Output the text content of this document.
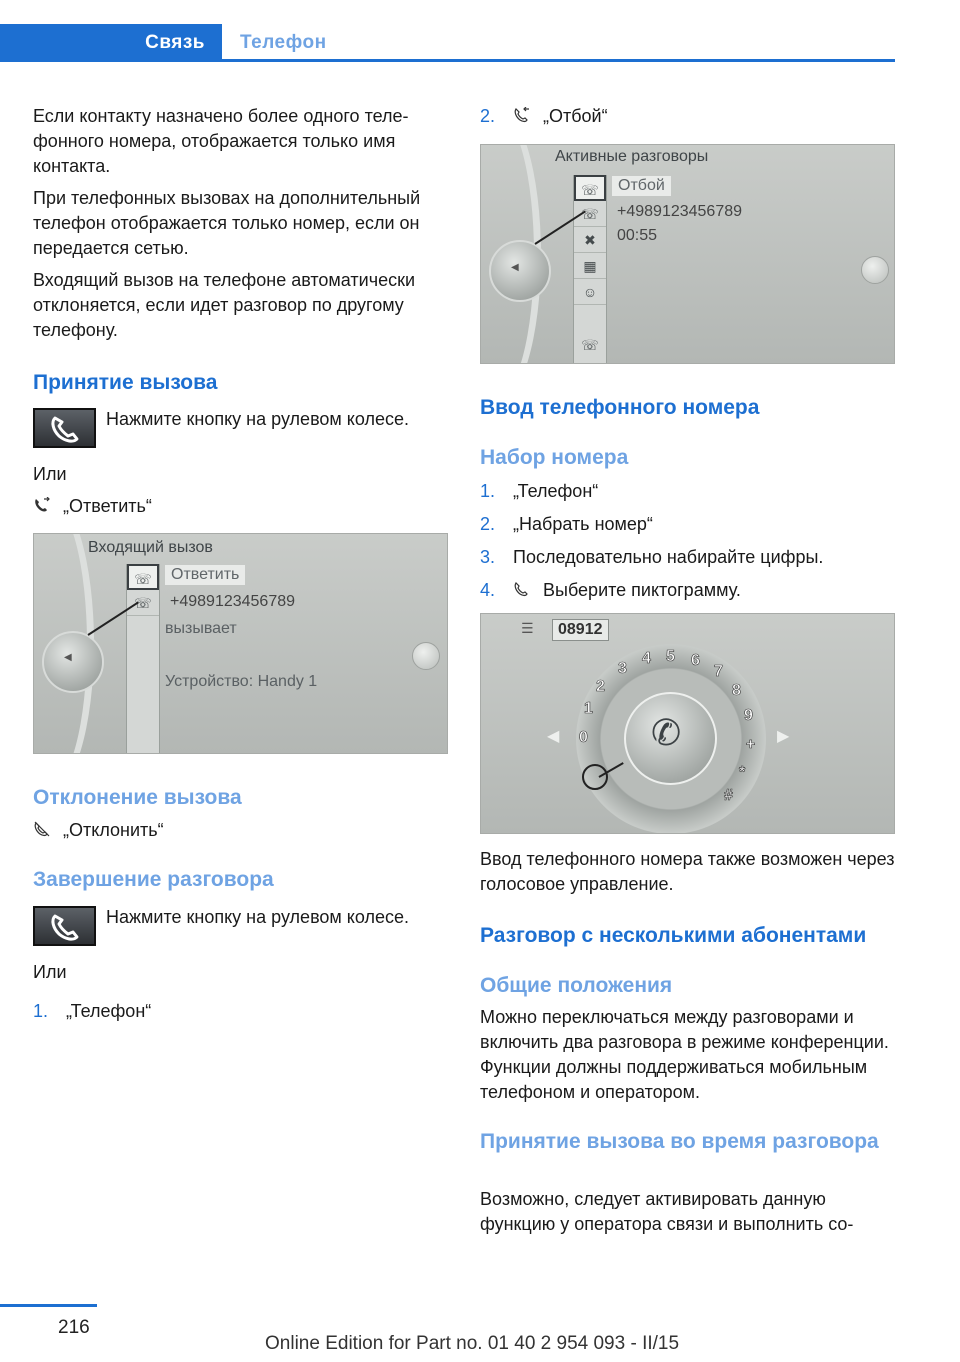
Связь	Телефон
Если контакту назначено более одного телефонного номера, отображается только имя контакта.
При телефонных вызовах на дополнительный телефон отображается только номер, если он передается сетью.
Входящий вызов на телефоне автоматически отклоняется, если идет разговор по другому телефону.
Принятие вызова
Нажмите кнопку на рулевом колесе.
Или
„Ответить“
◀
☏
☏
Входящий вызов
Ответить
+4989123456789
вызывает
Устройство: Handy 1
Отклонение вызова
„Отклонить“
Завершение разговора
Нажмите кнопку на рулевом колесе.
Или
1. „Телефон“
2.	„Отбой“
◀
☏
☏
✖
▦
☺
☏
Активные разговоры
Отбой
+4989123456789
00:55
Ввод телефонного номера
Набор номера
1. „Телефон“
2. „Набрать номер“
3. Последовательно набирайте цифры.
4.	Выберите пиктограмму.
☰	08912
◀	▶
✆
0
1
2
3
4 5 6
7
8
9
+
*
#
Ввод телефонного номера также возможен через голосовое управление.
Разговор с несколькими абонентами
Общие положения
Можно переключаться между разговорами и включить два разговора в режиме конференции. Функции должны поддерживаться мобильным телефоном и оператором.
Принятие вызова во время разговора
Возможно, следует активировать данную функцию у оператора связи и выполнить со-
216
Online Edition for Part no. 01 40 2 954 093 - II/15
